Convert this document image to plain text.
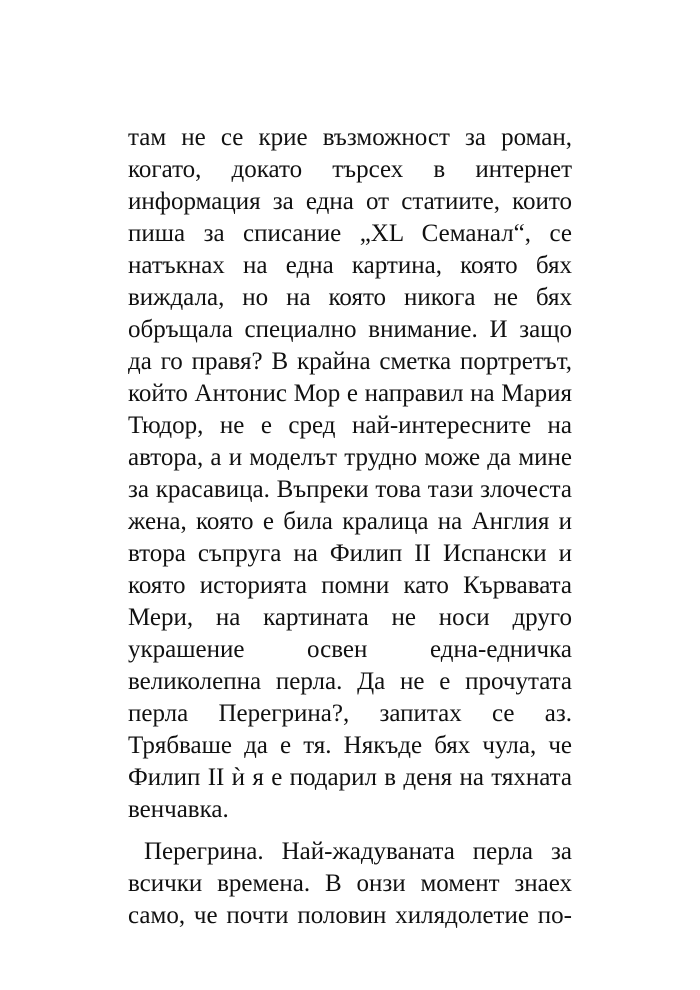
там не се крие възможност за роман,
когато, докато търсех в интернет
информация за една от статиите, които
пиша за списание „XL Семанал“, се
натъкнах на една картина, която бях
виждала, но на която никога не бях
обръщала специално внимание. И защо
да го правя? В крайна сметка портретът,
който Антонис Мор е направил на Мария
Тюдор, не е сред най-интересните на
автора, а и моделът трудно може да мине
за красавица. Въпреки това тази злочеста
жена, която е била кралица на Англия и
втора съпруга на Филип II Испански и
която историята помни като Кървавата
Мери, на картината не носи друго
украшение освен една-едничка
великолепна перла. Да не е прочутата
перла Перегрина?, запитах се аз.
Трябваше да е тя. Някъде бях чула, че
Филип II ѝ я е подарил в деня на тяхната
венчавка.
Перегрина. Най-жадуваната перла за
всички времена. В онзи момент знаех
само, че почти половин хилядолетие по-
